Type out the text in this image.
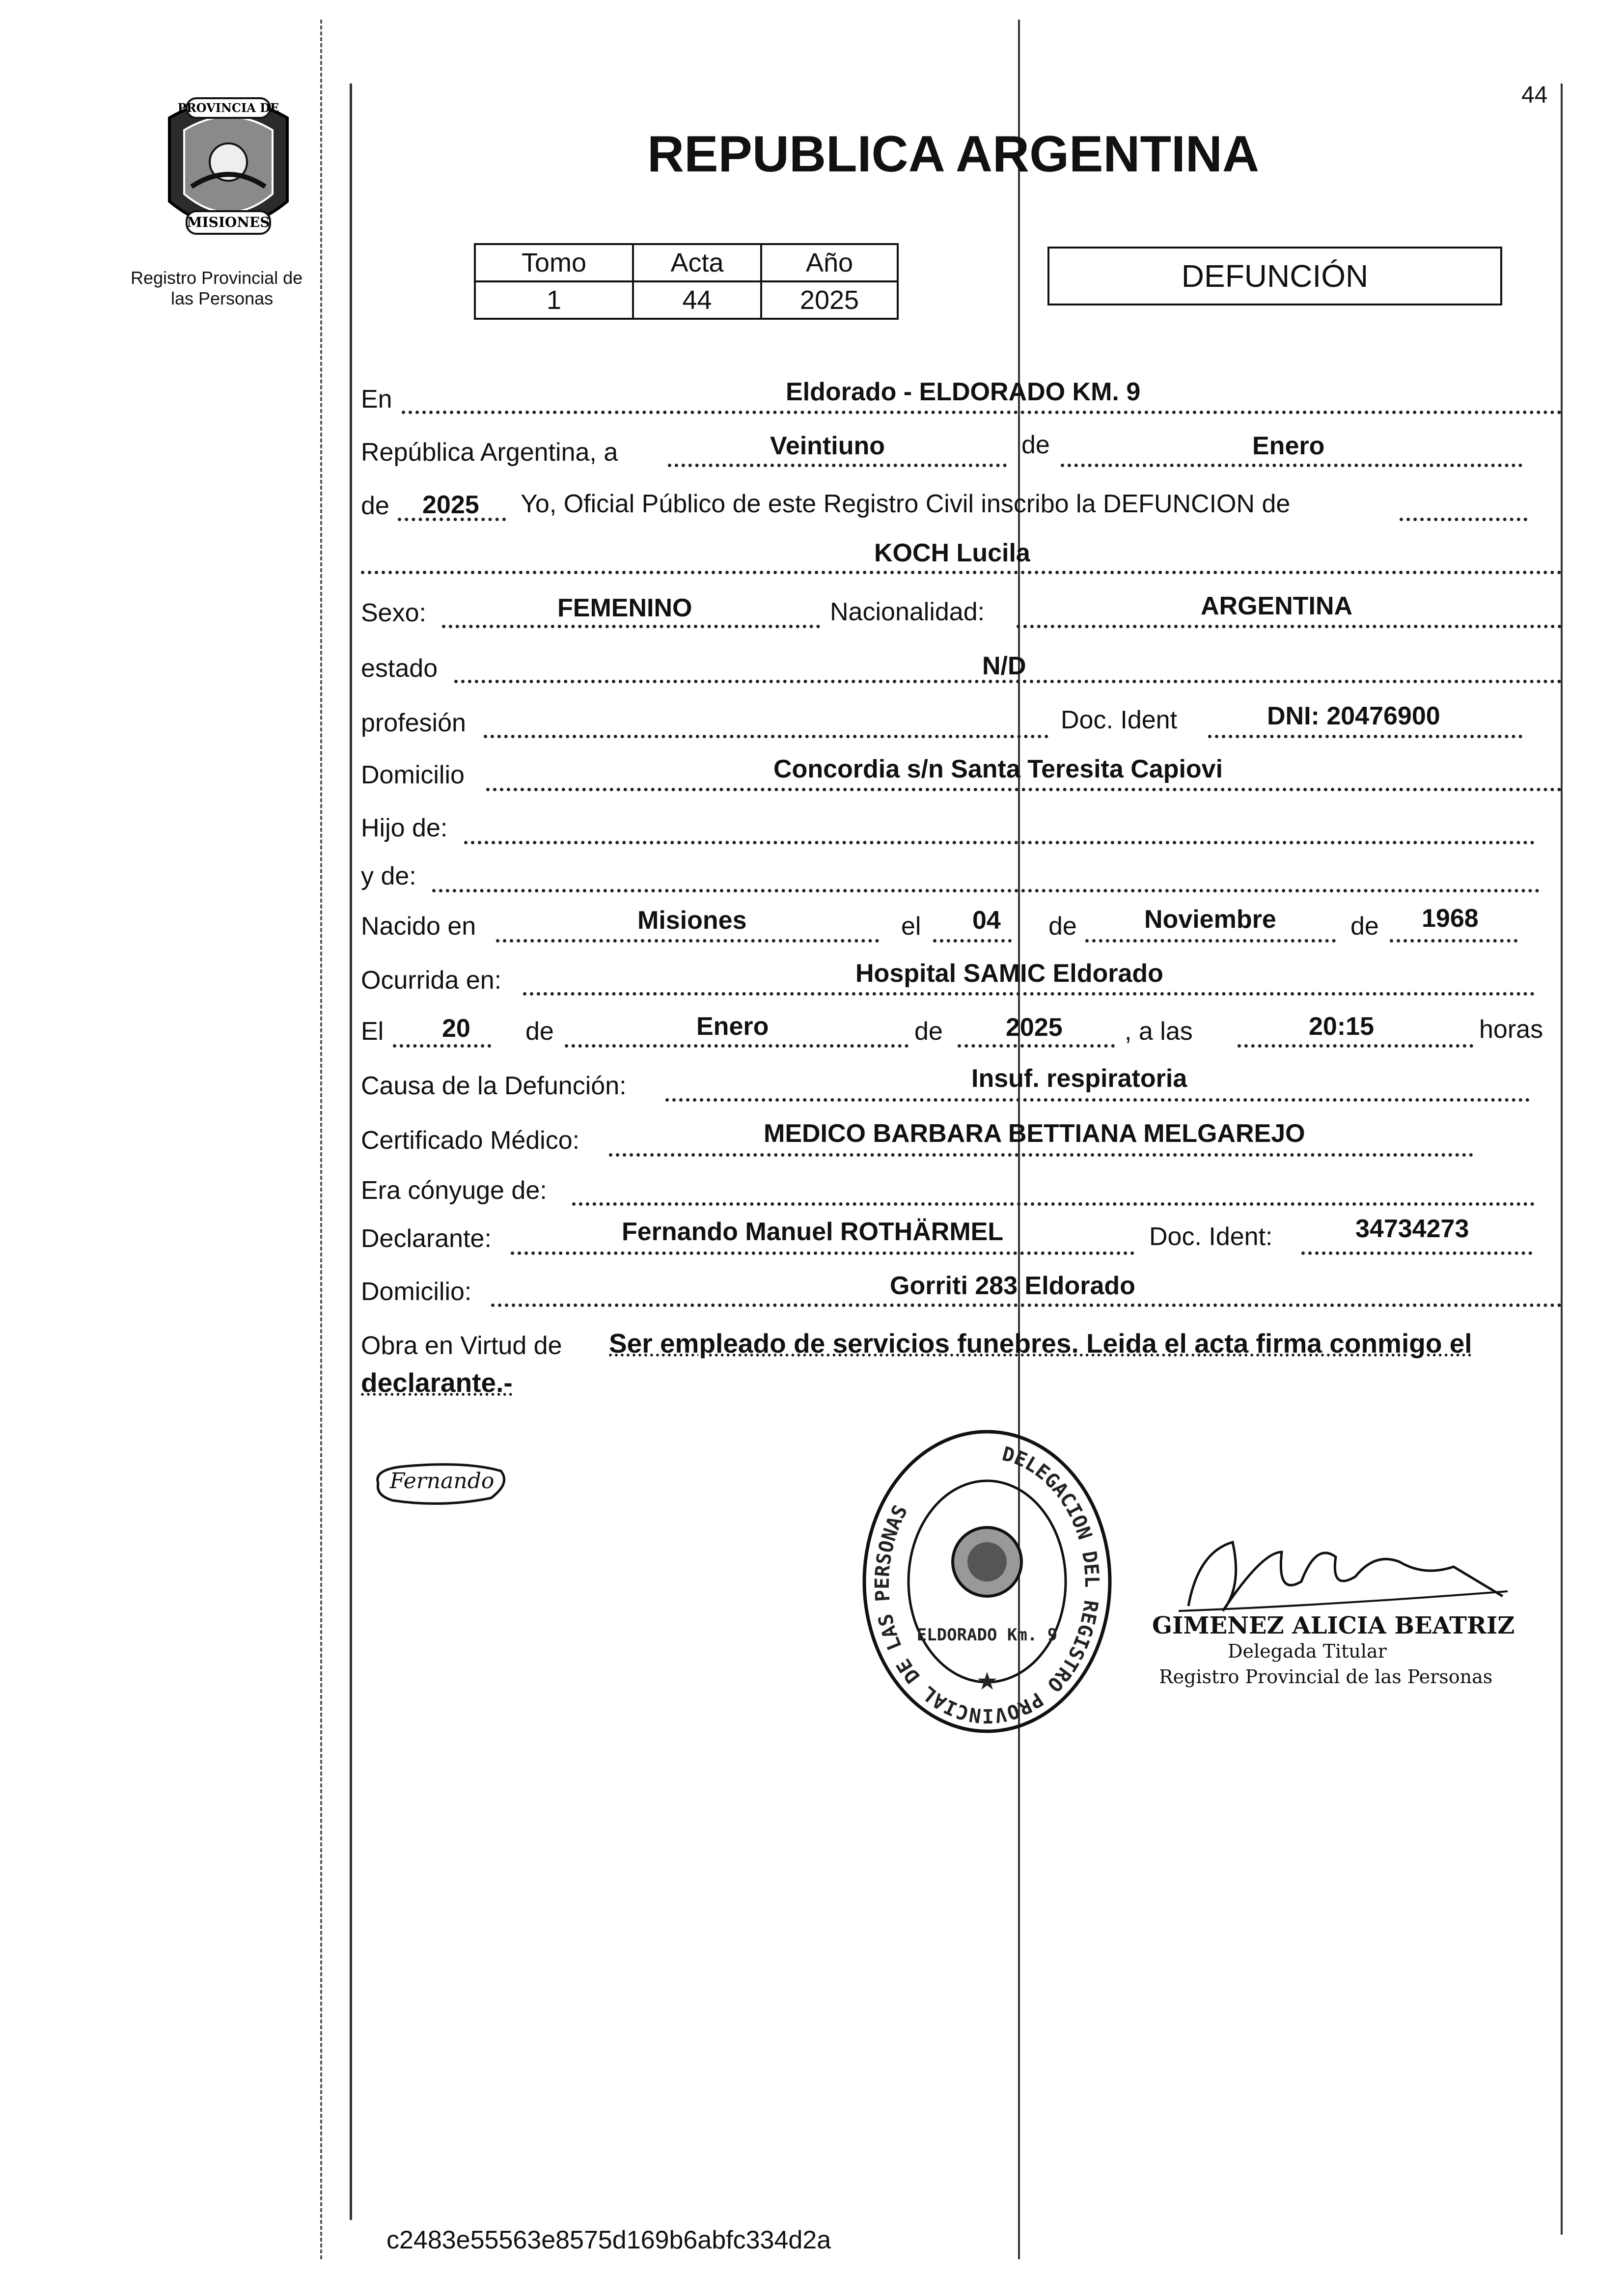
PROVINCIA DE
MISIONES
Registro Provincial de
las Personas
44
REPUBLICA ARGENTINA
Tomo	Acta	Año
1	44	2025
DEFUNCIÓN
En	Eldorado - ELDORADO KM. 9
República Argentina, a	Veintiuno	de	Enero
de 2025 Yo, Oficial Público de este Registro Civil inscribo la DEFUNCION de
KOCH Lucila
Sexo:	FEMENINO	Nacionalidad:	ARGENTINA
estado	N/D
profesión	Doc. Ident	DNI: 20476900
Domicilio	Concordia s/n Santa Teresita Capiovi
Hijo de:
y de:
Nacido en	Misiones	el 04 de	Noviembre	de 1968
Ocurrida en:	Hospital SAMIC Eldorado
El 20 de	Enero	de 2025 , a las	20:15	horas
Causa de la Defunción:	Insuf. respiratoria
Certificado Médico:	MEDICO BARBARA BETTIANA MELGAREJO
Era cónyuge de:
Declarante:	Fernando Manuel ROTHÄRMEL	Doc. Ident:	34734273
Domicilio:	Gorriti 283 Eldorado
Obra en Virtud de Ser empleado de servicios funebres. Leida el acta firma conmigo el
declarante.-
Fernando
DELEGACION DEL REGISTRO PROVINCIAL DE LAS PERSONAS
ELDORADO Km. 9
★
GIMENEZ ALICIA BEATRIZ
Delegada Titular
Registro Provincial de las Personas
c2483e55563e8575d169b6abfc334d2a
